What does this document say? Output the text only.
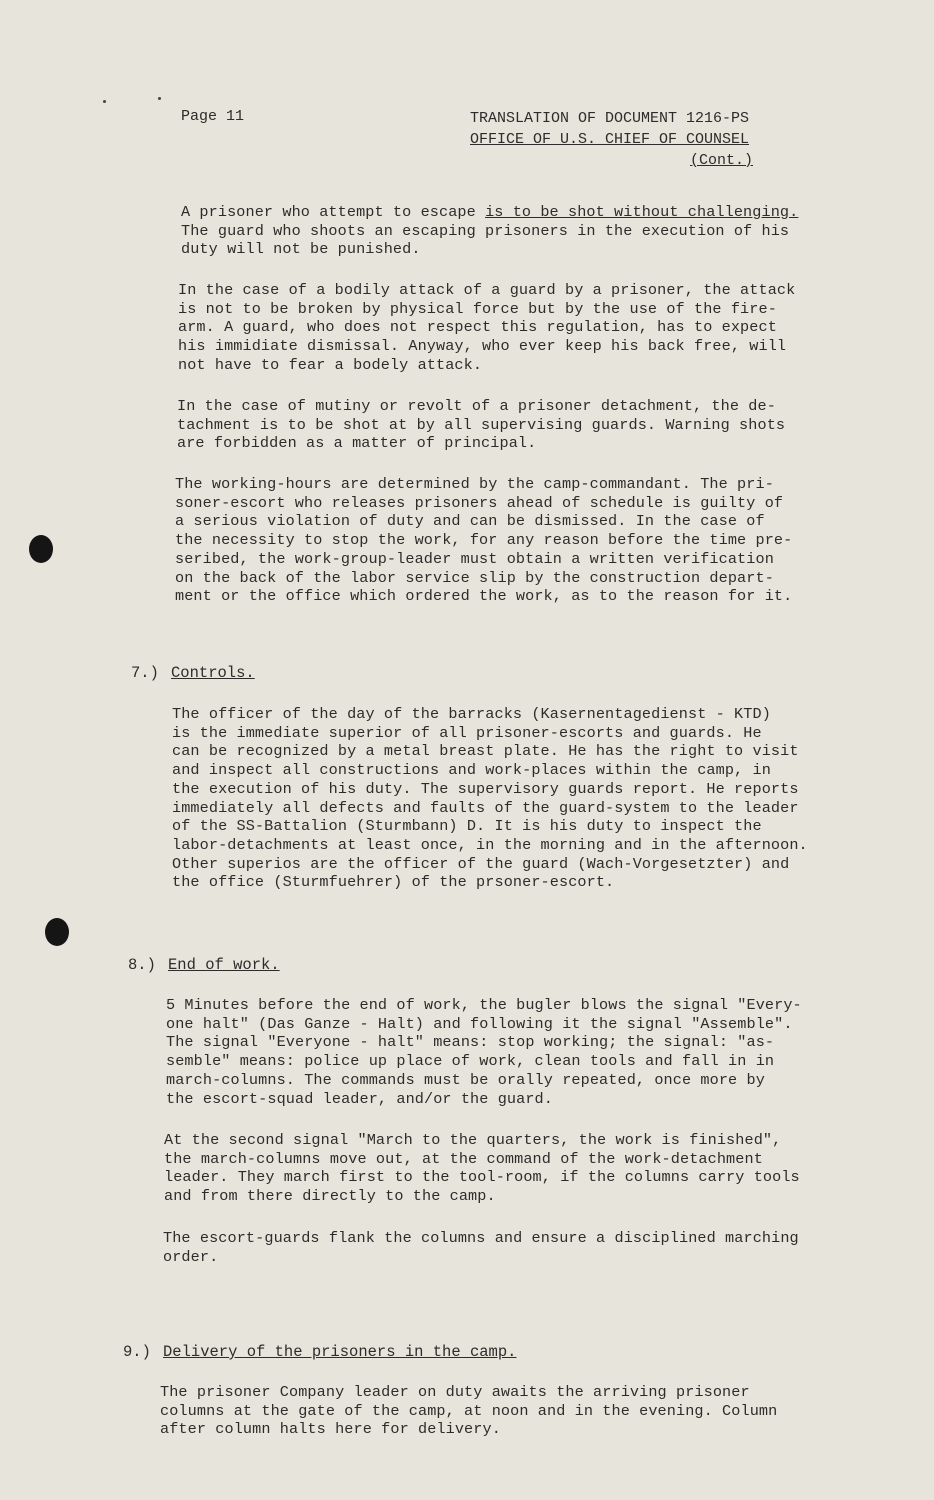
Page 11	TRANSLATION OF DOCUMENT 1216-PS
OFFICE OF U.S. CHIEF OF COUNSEL
(Cont.)
A prisoner who attempt to escape is to be shot without challenging.
The guard who shoots an escaping prisoners in the execution of his
duty will not be punished.
In the case of a bodily attack of a guard by a prisoner, the attack
is not to be broken by physical force but by the use of the fire-
arm. A guard, who does not respect this regulation, has to expect
his immidiate dismissal. Anyway, who ever keep his back free, will
not have to fear a bodely attack.
In the case of mutiny or revolt of a prisoner detachment, the de-
tachment is to be shot at by all supervising guards. Warning shots
are forbidden as a matter of principal.
The working-hours are determined by the camp-commandant. The pri-
soner-escort who releases prisoners ahead of schedule is guilty of
a serious violation of duty and can be dismissed. In the case of
the necessity to stop the work, for any reason before the time pre-
seribed, the work-group-leader must obtain a written verification
on the back of the labor service slip by the construction depart-
ment or the office which ordered the work, as to the reason for it.
7.) Controls.
The officer of the day of the barracks (Kasernentagedienst - KTD)
is the immediate superior of all prisoner-escorts and guards. He
can be recognized by a metal breast plate. He has the right to visit
and inspect all constructions and work-places within the camp, in
the execution of his duty. The supervisory guards report. He reports
immediately all defects and faults of the guard-system to the leader
of the SS-Battalion (Sturmbann) D. It is his duty to inspect the
labor-detachments at least once, in the morning and in the afternoon.
Other superios are the officer of the guard (Wach-Vorgesetzter) and
the office (Sturmfuehrer) of the prsoner-escort.
8.) End of work.
5 Minutes before the end of work, the bugler blows the signal "Every-
one halt" (Das Ganze - Halt) and following it the signal "Assemble".
The signal "Everyone - halt" means: stop working; the signal: "as-
semble" means: police up place of work, clean tools and fall in in
march-columns. The commands must be orally repeated, once more by
the escort-squad leader, and/or the guard.
At the second signal "March to the quarters, the work is finished",
the march-columns move out, at the command of the work-detachment
leader. They march first to the tool-room, if the columns carry tools
and from there directly to the camp.
The escort-guards flank the columns and ensure a disciplined marching
order.
9.) Delivery of the prisoners in the camp.
The prisoner Company leader on duty awaits the arriving prisoner
columns at the gate of the camp, at noon and in the evening. Column
after column halts here for delivery.
